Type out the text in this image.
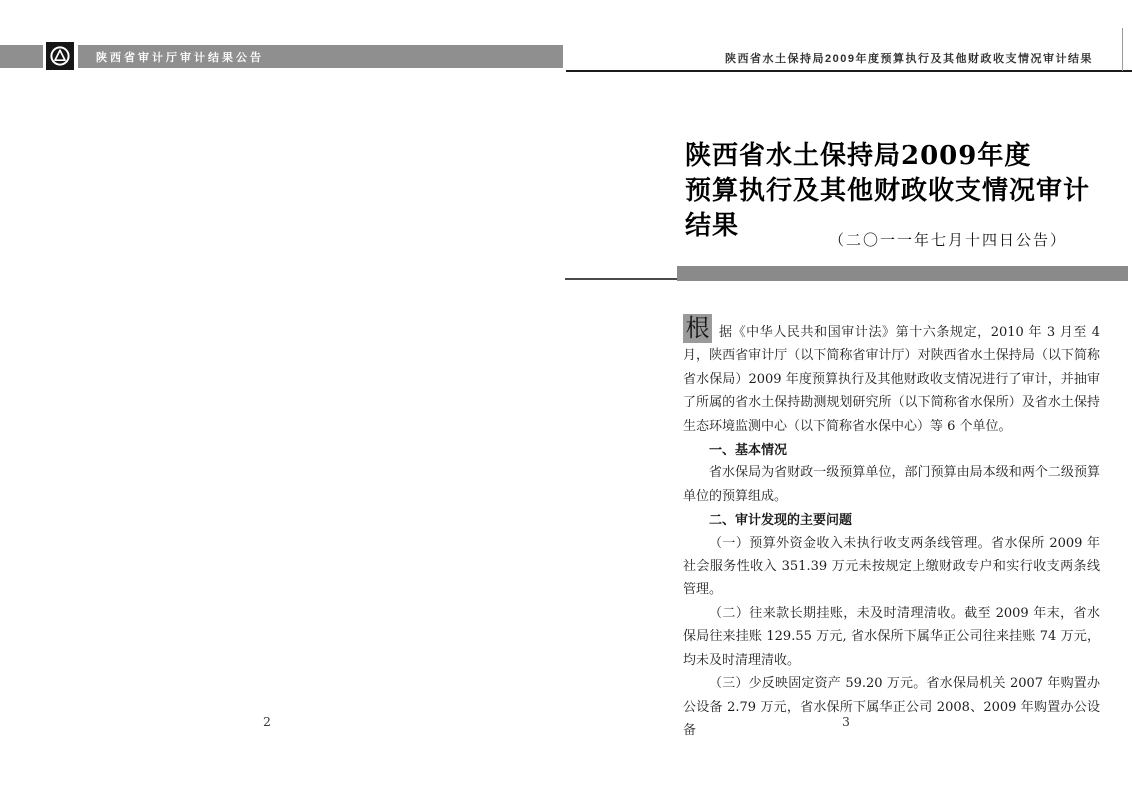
陕西省审计厅审计结果公告	陕西省水土保持局2009年度预算执行及其他财政收支情况审计结果
陕西省水土保持局2009年度
预算执行及其他财政收支情况审计结果	（二〇一一年七月十四日公告）

根 据《中华人民共和国审计法》第十六条规定，2010 年 3 月至 4 月，陕西省审计厅（以下简称省审计厅）对陕西省水土保持局（以下简称省水保局）2009 年度预算执行及其他财政收支情况进行了审计，并抽审了所属的省水土保持勘测规划研究所（以下简称省水保所）及省水土保持生态环境监测中心（以下简称省水保中心）等 6 个单位。

一、基本情况

省水保局为省财政一级预算单位，部门预算由局本级和两个二级预算单位的预算组成。

二、审计发现的主要问题

（一）预算外资金收入未执行收支两条线管理。省水保所 2009 年社会服务性收入 351.39 万元未按规定上缴财政专户和实行收支两条线管理。

（二）往来款长期挂账，未及时清理清收。截至 2009 年末，省水保局往来挂账 129.55 万元, 省水保所下属华正公司往来挂账 74 万元，均未及时清理清收。

（三）少反映固定资产 59.20 万元。省水保局机关 2007 年购置办公设备 2.79 万元，省水保所下属华正公司 2008、2009 年购置办公设备

2	3
